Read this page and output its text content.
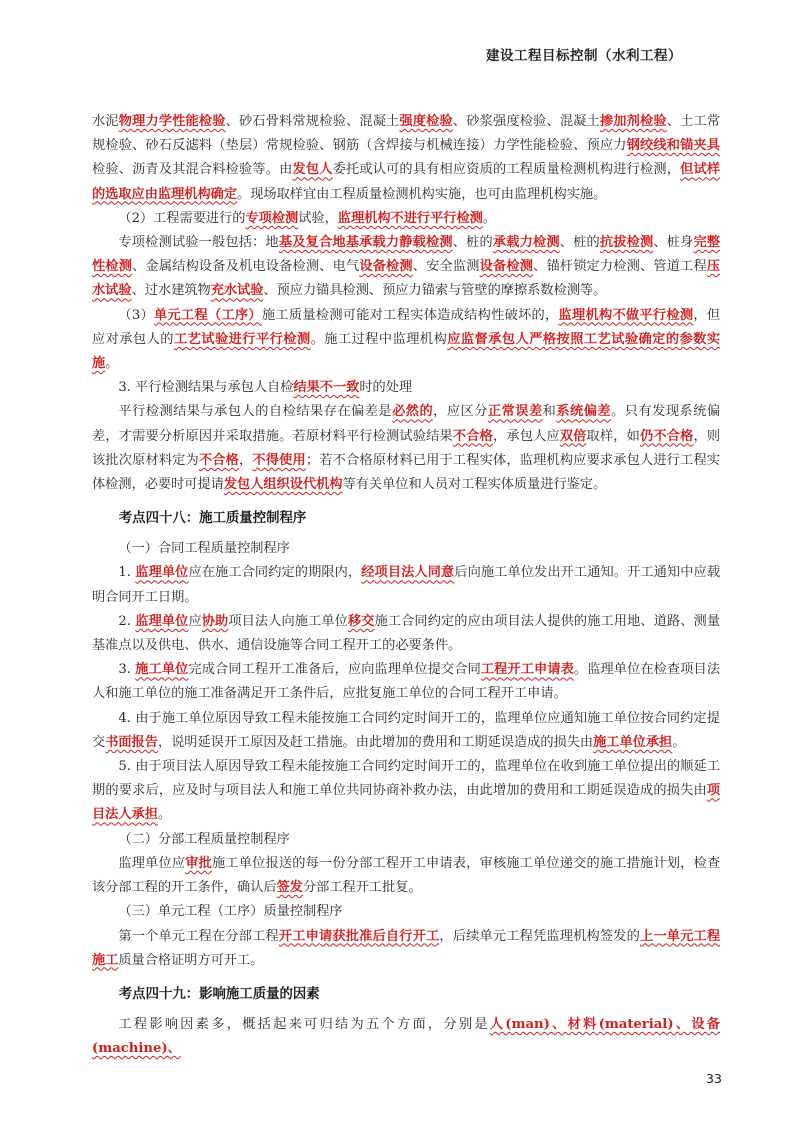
建设工程目标控制（水利工程）

水泥物理力学性能检验、砂石骨料常规检验、混凝土强度检验、砂浆强度检验、混凝土掺加剂检验、土工常规检验、砂石反滤料（垫层）常规检验、钢筋（含焊接与机械连接）力学性能检验、预应力钢绞线和锚夹具检验、沥青及其混合料检验等。由发包人委托或认可的具有相应资质的工程质量检测机构进行检测，但试样的选取应由监理机构确定。现场取样宜由工程质量检测机构实施，也可由监理机构实施。

（2）工程需要进行的专项检测试验，监理机构不进行平行检测。

专项检测试验一般包括：地基及复合地基承载力静载检测、桩的承载力检测、桩的抗拔检测、桩身完整性检测、金属结构设备及机电设备检测、电气设备检测、安全监测设备检测、锚杆锁定力检测、管道工程压水试验、过水建筑物充水试验、预应力锚具检测、预应力锚索与管壁的摩擦系数检测等。

（3）单元工程（工序）施工质量检测可能对工程实体造成结构性破坏的，监理机构不做平行检测，但应对承包人的工艺试验进行平行检测。施工过程中监理机构应监督承包人严格按照工艺试验确定的参数实施。

3. 平行检测结果与承包人自检结果不一致时的处理

平行检测结果与承包人的自检结果存在偏差是必然的，应区分正常误差和系统偏差。只有发现系统偏差，才需要分析原因并采取措施。若原材料平行检测试验结果不合格，承包人应双倍取样，如仍不合格，则该批次原材料定为不合格，不得使用；若不合格原材料已用于工程实体，监理机构应要求承包人进行工程实体检测，必要时可提请发包人组织设代机构等有关单位和人员对工程实体质量进行鉴定。

考点四十八：施工质量控制程序

（一）合同工程质量控制程序

1. 监理单位应在施工合同约定的期限内，经项目法人同意后向施工单位发出开工通知。开工通知中应载明合同开工日期。

2. 监理单位应协助项目法人向施工单位移交施工合同约定的应由项目法人提供的施工用地、道路、测量基准点以及供电、供水、通信设施等合同工程开工的必要条件。

3. 施工单位完成合同工程开工准备后，应向监理单位提交合同工程开工申请表。监理单位在检查项目法人和施工单位的施工准备满足开工条件后，应批复施工单位的合同工程开工申请。

4. 由于施工单位原因导致工程未能按施工合同约定时间开工的，监理单位应通知施工单位按合同约定提交书面报告，说明延误开工原因及赶工措施。由此增加的费用和工期延误造成的损失由施工单位承担。

5. 由于项目法人原因导致工程未能按施工合同约定时间开工的，监理单位在收到施工单位提出的顺延工期的要求后，应及时与项目法人和施工单位共同协商补救办法，由此增加的费用和工期延误造成的损失由项目法人承担。

（二）分部工程质量控制程序

监理单位应审批施工单位报送的每一份分部工程开工申请表，审核施工单位递交的施工措施计划，检查该分部工程的开工条件，确认后签发分部工程开工批复。

（三）单元工程（工序）质量控制程序

第一个单元工程在分部工程开工申请获批准后自行开工，后续单元工程凭监理机构签发的上一单元工程施工质量合格证明方可开工。

考点四十九：影响施工质量的因素

工程影响因素多，概括起来可归结为五个方面，分别是人(man)、材料(material)、设备(machine)、

33
